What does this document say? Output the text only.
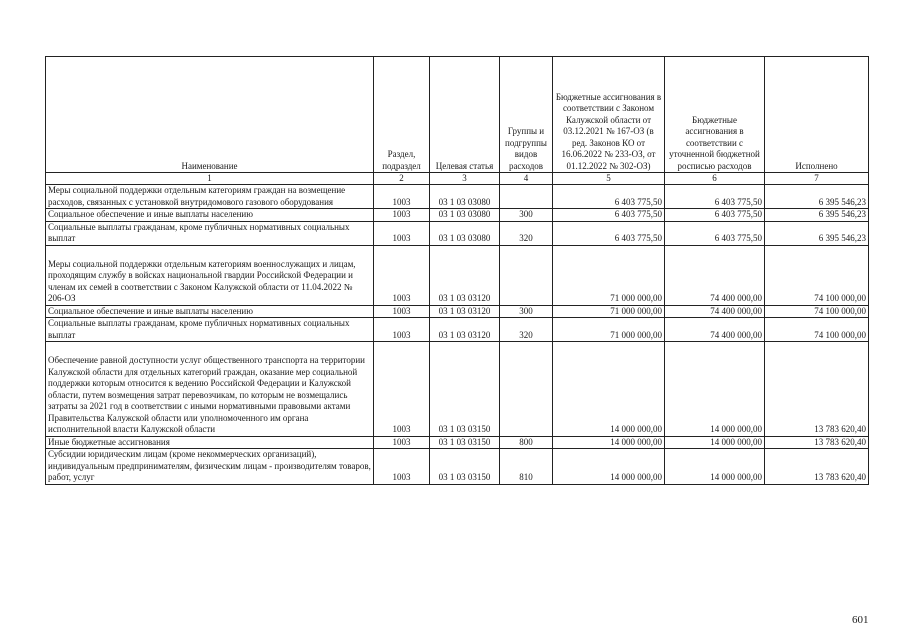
Наименование	Раздел, подраздел	Целевая статья	Группы и подгруппы видов расходов	Бюджетные ассигнования в соответствии с Законом Калужской области от 03.12.2021 № 167-ОЗ (в ред. Законов КО от 16.06.2022 № 233-ОЗ, от 01.12.2022 № 302-ОЗ)	Бюджетные ассигнования в соответствии с уточненной бюджетной росписью расходов	Исполнено
1	2	3	4	5	6	7
Меры социальной поддержки отдельным категориям граждан на возмещение расходов, связанных с установкой внутридомового газового оборудования	1003	03 1 03 03080		6 403 775,50	6 403 775,50	6 395 546,23
Социальное обеспечение и иные выплаты населению	1003	03 1 03 03080	300	6 403 775,50	6 403 775,50	6 395 546,23
Социальные выплаты гражданам, кроме публичных нормативных социальных выплат	1003	03 1 03 03080	320	6 403 775,50	6 403 775,50	6 395 546,23
Меры социальной поддержки отдельным категориям военнослужащих и лицам, проходящим службу в войсках национальной гвардии Российской Федерации и членам их семей в соответствии с Законом Калужской области от 11.04.2022 № 206-ОЗ	1003	03 1 03 03120		71 000 000,00	74 400 000,00	74 100 000,00
Социальное обеспечение и иные выплаты населению	1003	03 1 03 03120	300	71 000 000,00	74 400 000,00	74 100 000,00
Социальные выплаты гражданам, кроме публичных нормативных социальных выплат	1003	03 1 03 03120	320	71 000 000,00	74 400 000,00	74 100 000,00
Обеспечение равной доступности услуг общественного транспорта на территории Калужской области для отдельных категорий граждан, оказание мер социальной поддержки которым относится к ведению Российской Федерации и Калужской области, путем возмещения затрат перевозчикам, по которым не возмещались затраты за 2021 год в соответствии с иными нормативными правовыми актами Правительства Калужской области или уполномоченного им органа исполнительной власти Калужской области	1003	03 1 03 03150		14 000 000,00	14 000 000,00	13 783 620,40
Иные бюджетные ассигнования	1003	03 1 03 03150	800	14 000 000,00	14 000 000,00	13 783 620,40
Субсидии юридическим лицам (кроме некоммерческих организаций), индивидуальным предпринимателям, физическим лицам - производителям товаров, работ, услуг	1003	03 1 03 03150	810	14 000 000,00	14 000 000,00	13 783 620,40
601
